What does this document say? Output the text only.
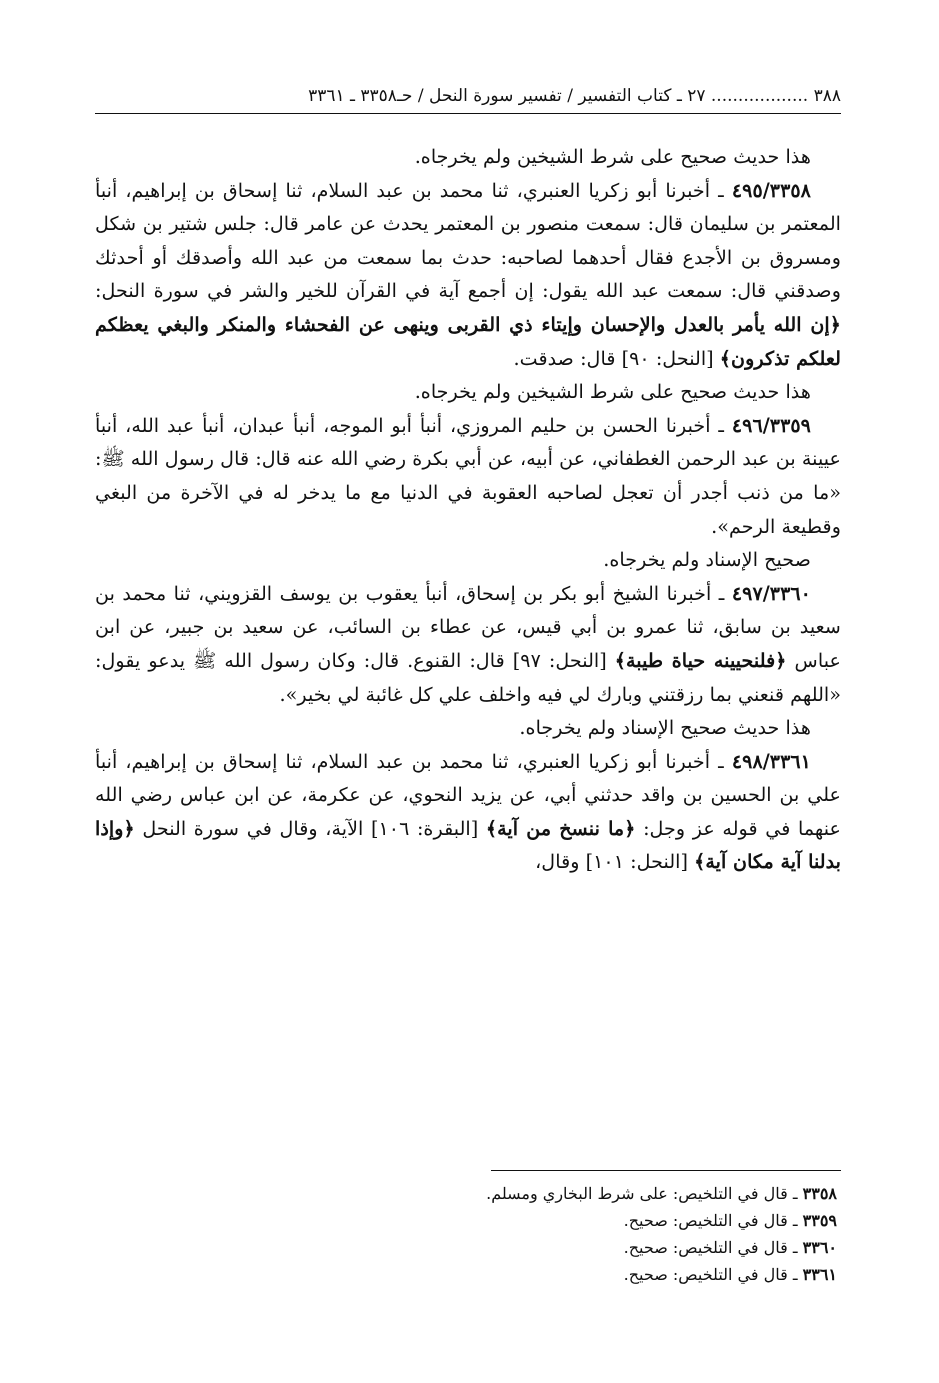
٣٨٨ .................. ٢٧ ـ كتاب التفسير / تفسير سورة النحل / حـ٣٣٥٨ ـ ٣٣٦١

هذا حديث صحيح على شرط الشيخين ولم يخرجاه.

٤٩٥/٣٣٥٨ ـ أخبرنا أبو زكريا العنبري، ثنا محمد بن عبد السلام، ثنا إسحاق بن إبراهيم، أنبأ المعتمر بن سليمان قال: سمعت منصور بن المعتمر يحدث عن عامر قال: جلس شتير بن شكل ومسروق بن الأجدع فقال أحدهما لصاحبه: حدث بما سمعت من عبد الله وأصدقك أو أحدثك وصدقني قال: سمعت عبد الله يقول: إن أجمع آية في القرآن للخير والشر في سورة النحل: ﴿إن الله يأمر بالعدل والإحسان وإيتاء ذي القربى وينهى عن الفحشاء والمنكر والبغي يعظكم لعلكم تذكرون﴾ [النحل: ٩٠] قال: صدقت.

هذا حديث صحيح على شرط الشيخين ولم يخرجاه.

٤٩٦/٣٣٥٩ ـ أخبرنا الحسن بن حليم المروزي، أنبأ أبو الموجه، أنبأ عبدان، أنبأ عبد الله، أنبأ عيينة بن عبد الرحمن الغطفاني، عن أبيه، عن أبي بكرة رضي الله عنه قال: قال رسول الله ﷺ: «ما من ذنب أجدر أن تعجل لصاحبه العقوبة في الدنيا مع ما يدخر له في الآخرة من البغي وقطيعة الرحم».

صحيح الإسناد ولم يخرجاه.

٤٩٧/٣٣٦٠ ـ أخبرنا الشيخ أبو بكر بن إسحاق، أنبأ يعقوب بن يوسف القزويني، ثنا محمد بن سعيد بن سابق، ثنا عمرو بن أبي قيس، عن عطاء بن السائب، عن سعيد بن جبير، عن ابن عباس ﴿فلنحيينه حياة طيبة﴾ [النحل: ٩٧] قال: القنوع. قال: وكان رسول الله ﷺ يدعو يقول: «اللهم قنعني بما رزقتني وبارك لي فيه واخلف علي كل غائبة لي بخير».

هذا حديث صحيح الإسناد ولم يخرجاه.

٤٩٨/٣٣٦١ ـ أخبرنا أبو زكريا العنبري، ثنا محمد بن عبد السلام، ثنا إسحاق بن إبراهيم، أنبأ علي بن الحسين بن واقد حدثني أبي، عن يزيد النحوي، عن عكرمة، عن ابن عباس رضي الله عنهما في قوله عز وجل: ﴿ما ننسخ من آية﴾ [البقرة: ١٠٦] الآية، وقال في سورة النحل ﴿وإذا بدلنا آية مكان آية﴾ [النحل: ١٠١] وقال،

٣٣٥٨ ـ قال في التلخيص: على شرط البخاري ومسلم.
٣٣٥٩ ـ قال في التلخيص: صحيح.
٣٣٦٠ ـ قال في التلخيص: صحيح.
٣٣٦١ ـ قال في التلخيص: صحيح.
